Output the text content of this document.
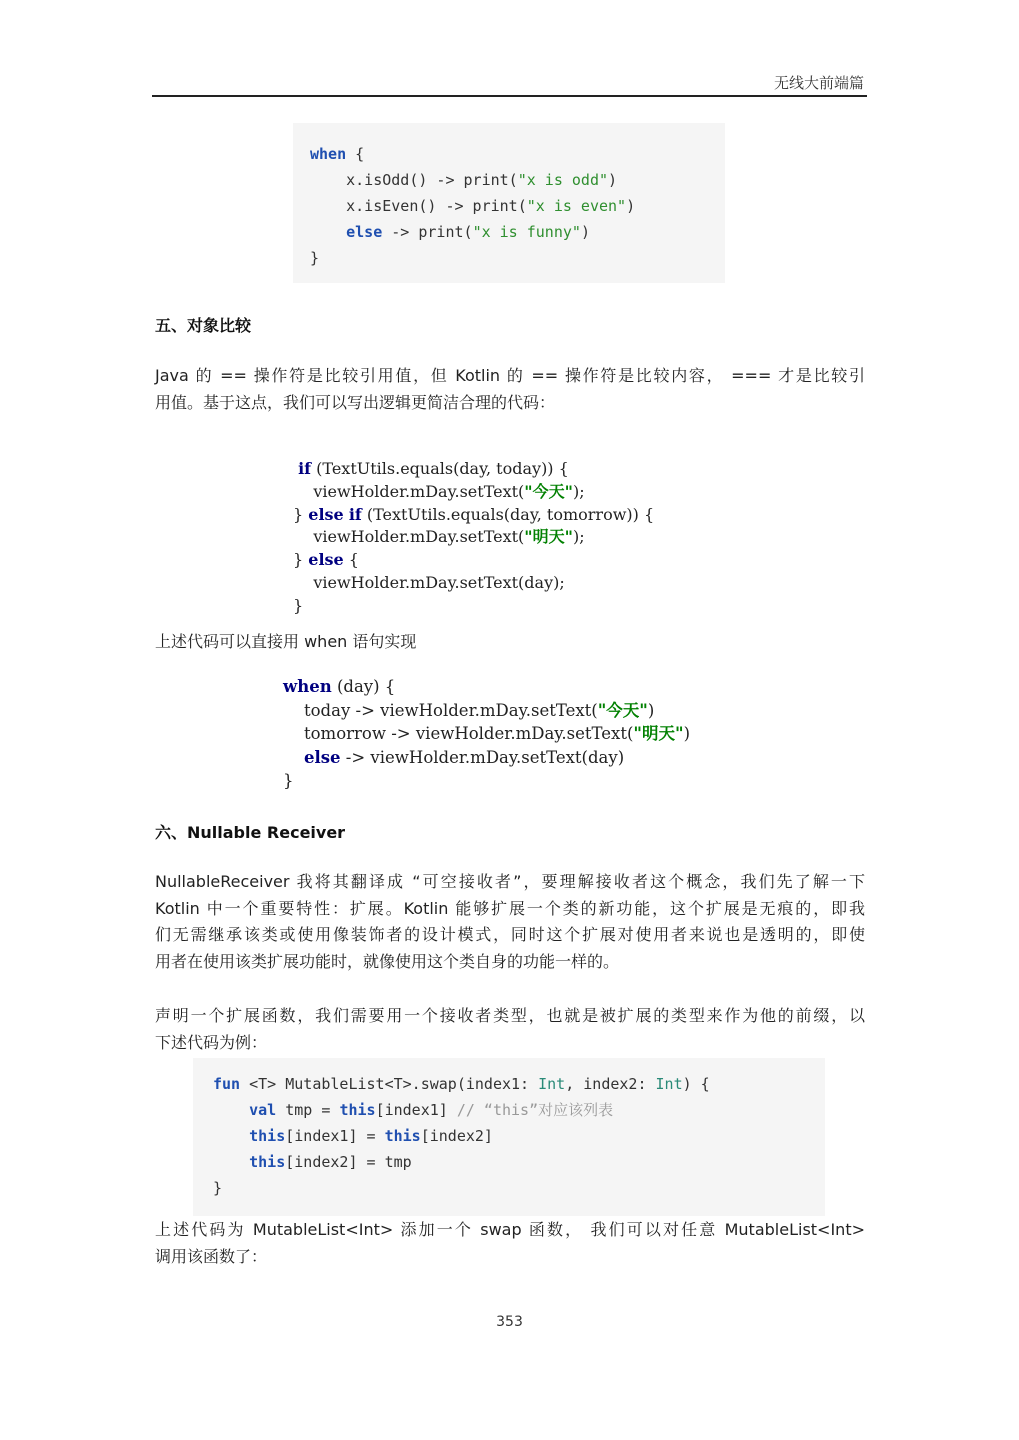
无线大前端篇
when {
x.isOdd() -> print("x is odd")
x.isEven() -> print("x is even")
else -> print("x is funny")
}
五、对象比较
Java 的 == 操作符是比较引用值，但 Kotlin 的 == 操作符是比较内容， === 才是比较引
用值。基于这点，我们可以写出逻辑更简洁合理的代码：
if (TextUtils.equals(day, today)) {
viewHolder.mDay.setText("今天");
} else if (TextUtils.equals(day, tomorrow)) {
viewHolder.mDay.setText("明天");
} else {
viewHolder.mDay.setText(day);
}
上述代码可以直接用 when 语句实现
when (day) {
today -> viewHolder.mDay.setText("今天")
tomorrow -> viewHolder.mDay.setText("明天")
else -> viewHolder.mDay.setText(day)
}
六、Nullable Receiver
NullableReceiver 我将其翻译成 “可空接收者”，要理解接收者这个概念，我们先了解一下
Kotlin 中一个重要特性：扩展。Kotlin 能够扩展一个类的新功能，这个扩展是无痕的，即我
们无需继承该类或使用像装饰者的设计模式，同时这个扩展对使用者来说也是透明的，即使
用者在使用该类扩展功能时，就像使用这个类自身的功能一样的。
声明一个扩展函数，我们需要用一个接收者类型，也就是被扩展的类型来作为他的前缀，以
下述代码为例：
fun <T> MutableList<T>.swap(index1: Int, index2: Int) {
val tmp = this[index1] // “this”对应该列表
this[index1] = this[index2]
this[index2] = tmp
}
上述代码为 MutableList<Int> 添加一个 swap 函数， 我们可以对任意 MutableList<Int>
调用该函数了：
353
